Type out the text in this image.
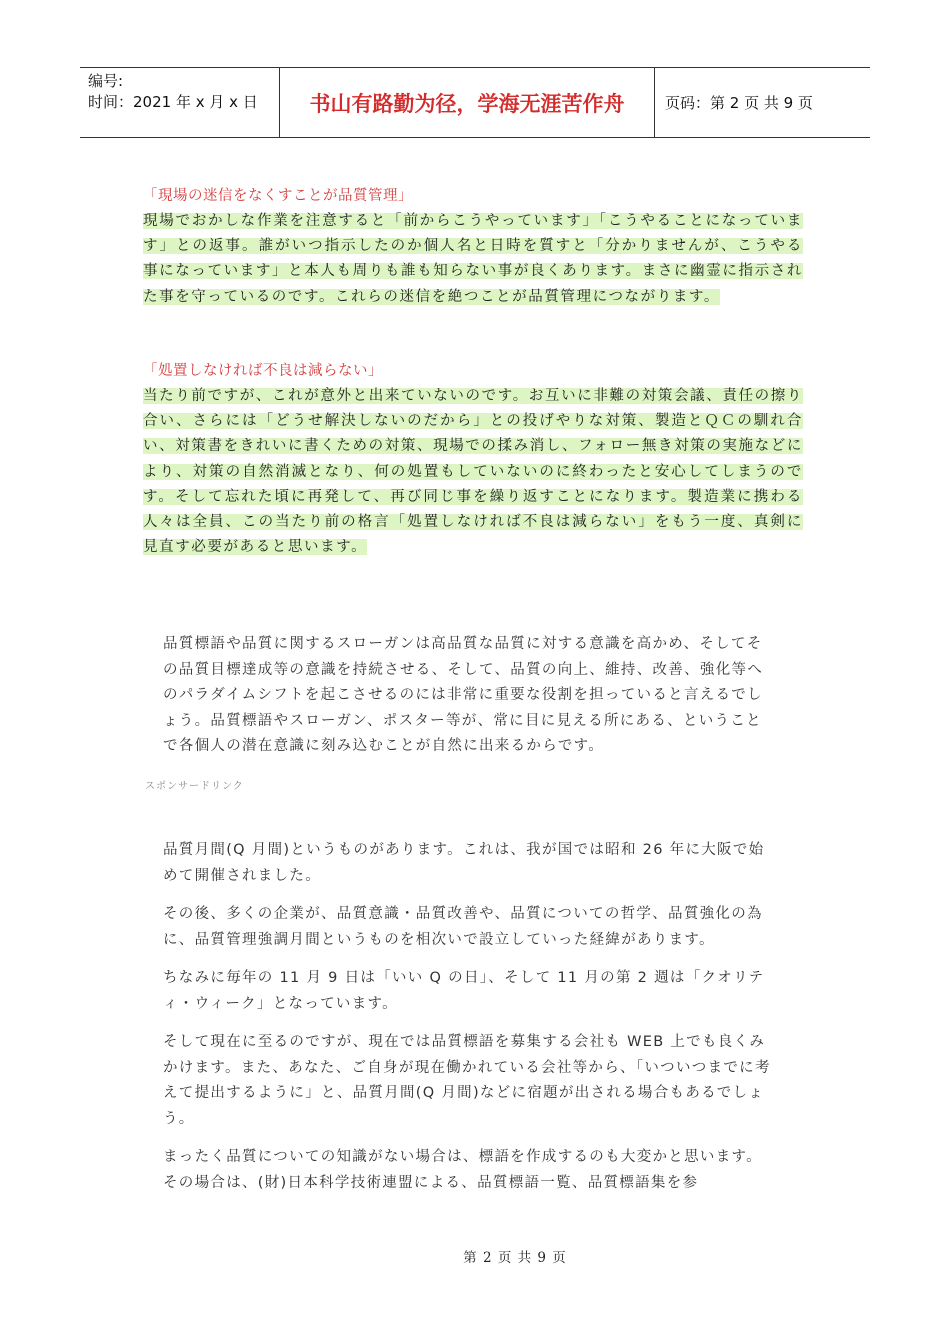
编号:
时间：2021 年 x 月 x 日	书山有路勤为径，学海无涯苦作舟	页码：第 2 页 共 9 页
「現場の迷信をなくすことが品質管理」
現場でおかしな作業を注意すると「前からこうやっています」「こうやることになっています」との返事。誰がいつ指示したのか個人名と日時を質すと「分かりませんが、こうやる事になっています」と本人も周りも誰も知らない事が良くあります。まさに幽霊に指示された事を守っているのです。これらの迷信を絶つことが品質管理につながります。
「処置しなければ不良は減らない」
当たり前ですが、これが意外と出来ていないのです。お互いに非難の対策会議、責任の擦り合い、さらには「どうせ解決しないのだから」との投げやりな対策、製造とＱＣの馴れ合い、対策書をきれいに書くための対策、現場での揉み消し、フォロー無き対策の実施などにより、対策の自然消滅となり、何の処置もしていないのに終わったと安心してしまうのです。そして忘れた頃に再発して、再び同じ事を繰り返すことになります。製造業に携わる人々は全員、この当たり前の格言「処置しなければ不良は減らない」をもう一度、真剣に見直す必要があると思います。
品質標語や品質に関するスローガンは高品質な品質に対する意識を高かめ、そしてその品質目標達成等の意識を持続させる、そして、品質の向上、維持、改善、強化等へのパラダイムシフトを起こさせるのには非常に重要な役割を担っていると言えるでしょう。品質標語やスローガン、ポスター等が、常に目に見える所にある、ということで各個人の潜在意識に刻み込むことが自然に出来るからです。
スポンサードリンク

品質月間(Q 月間)というものがあります。これは、我が国では昭和 26 年に大阪で始めて開催されました。

その後、多くの企業が、品質意識・品質改善や、品質についての哲学、品質強化の為に、品質管理強調月間というものを相次いで設立していった経緯があります。

ちなみに毎年の 11 月 9 日は「いい Q の日」、そして 11 月の第 2 週は「クオリティ・ウィーク」となっています。

そして現在に至るのですが、現在では品質標語を募集する会社も WEB 上でも良くみかけます。また、あなた、ご自身が現在働かれている会社等から、「いついつまでに考えて提出するように」と、品質月間(Q 月間)などに宿題が出される場合もあるでしょう。

まったく品質についての知識がない場合は、標語を作成するのも大変かと思います。その場合は、(財)日本科学技術連盟による、品質標語一覧、品質標語集を参

第 2 页 共 9 页
